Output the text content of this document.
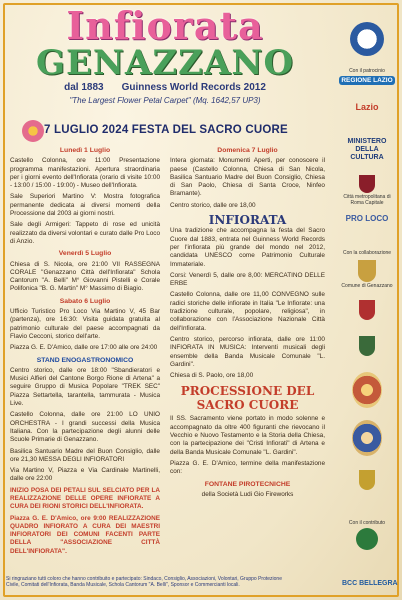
Infiorata
GENAZZANO
dal 1883 Guinness World Records 2012
"The Largest Flower Petal Carpet" (Mq. 1642,57 UP3)
7 LUGLIO 2024 FESTA DEL SACRO CUORE
Lunedì 1 Luglio
Castello Colonna, ore 11:00 Presentazione programma manifestazioni. Apertura straordinaria per i giorni evento dell'Infiorata (orario di visite 10:00 - 13:00 / 15:00 - 19:00) - Museo dell'Infiorata.
Sale Superiori Martino V: Mostra fotografica permanente dedicata ai diversi momenti della Processione dal 2003 ai giorni nostri.
Sale degli Armigeri: Tappeto di rose ed unicità realizzato da diversi volontari e curato dalle Pro Loco di Anzio.
Venerdì 5 Luglio
Chiesa di S. Nicola, ore 21:00 VII RASSEGNA CORALE "Genazzano Città dell'Infiorata" Schola Cantorum "A. Belli" M° Giovanni Pistelli e Corale Polifonica "B. G. Martin" M° Massimo di Biagio.
Sabato 6 Luglio
Ufficio Turistico Pro Loco Via Martino V, 45 Bar (partenza), ore 16:30: Visita guidata gratuita al patrimonio culturale del paese accompagnati da Flavio Cecconi, storico dell'arte.
Piazza G. E. D'Amico, dalle ore 17:00 alle ore 24:00
STAND ENOGASTRONOMICO
Centro storico, dalle ore 18:00 "Sbandieratori e Musici Alfieri del Cantone Borgo Rione di Artena" a seguire Gruppo di Musica Popolare "TREK SEC" Piazza Settartella, tarantella, tammurata - Musica Live.
Castello Colonna, dalle ore 21:00 LO UNIO ORCHESTRA - I grandi successi della Musica Italiana. Con la partecipazione degli alunni delle Scuole Primarie di Genazzano.
Basilica Santuario Madre del Buon Consiglio, dalle ore 21,30 MESSA DEGLI INFIORATORI
Via Martino V, Piazza e Via Cardinale Martinelli, dalle ore 22:00
INIZIO POSA DEI PETALI SUL SELCIATO PER LA REALIZZAZIONE DELLE OPERE INFIORATE A CURA DEI RIONI STORICI DELL'INFIORATA.
Piazza G. E. D'Amico, ore 9:00 REALIZZAZIONE QUADRO INFIORATO A CURA DEI MAESTRI INFIORATORI DEI COMUNI FACENTI PARTE DELLA "ASSOCIAZIONE CITTÀ DELL'INFIORATA".
Domenica 7 Luglio
Intera giornata: Monumenti Aperti, per conoscere il paese (Castello Colonna, Chiesa di San Nicola, Basilica Santuario Madre del Buon Consiglio, Chiesa di San Paolo, Chiesa di Santa Croce, Ninfeo Bramante).
Centro storico, dalle ore 18,00
INFIORATA
Una tradizione che accompagna la festa del Sacro Cuore dal 1883, entrata nel Guinness World Records per l'infiorata più grande del mondo nel 2012, candidata UNESCO come Patrimonio Culturale Immateriale.
Corsi: Venerdì 5, dalle ore 8,00: MERCATINO DELLE ERBE
Castello Colonna, dalle ore 11,00 CONVEGNO sulle radici storiche delle infiorate in Italia "Le Infiorate: una tradizione culturale, popolare, religiosa", in collaborazione con l'Associazione Nazionale Città dell'Infiorata.
Centro storico, percorso infiorata, dalle ore 11:00 INFIORATA IN MUSICA: Interventi musicali degli ensemble della Banda Musicale Comunale "L. Gardini".
Chiesa di S. Paolo, ore 18,00
PROCESSIONE DEL SACRO CUORE
Il SS. Sacramento viene portato in modo solenne e accompagnato da oltre 400 figuranti che rievocano il Vecchio e Nuovo Testamento e la Storia della Chiesa, con la partecipazione dei "Cristi Infiorati" di Artena e della Banda Musicale Comunale "L. Gardini".
Piazza G. E. D'Amico, termine della manifestazione con:
FONTANE PIROTECNICHE
della Società Ludi Gio Fireworks
Con il patrocinio
REGIONE LAZIO
Lazio
MINISTERO DELLA CULTURA
Città metropolitana di Roma Capitale
PRO LOCO
Con la collaborazione
Comune di Genazzano
Con il contributo
Si ringraziano tutti coloro che hanno contribuito e partecipato: Sindaco, Consiglio, Associazioni, Volontari, Gruppo Protezione Civile, Comitati dell'Infiorata, Banda Musicale, Schola Cantorum "A. Belli", Sponsor e Commercianti locali.	BCC BELLEGRA
